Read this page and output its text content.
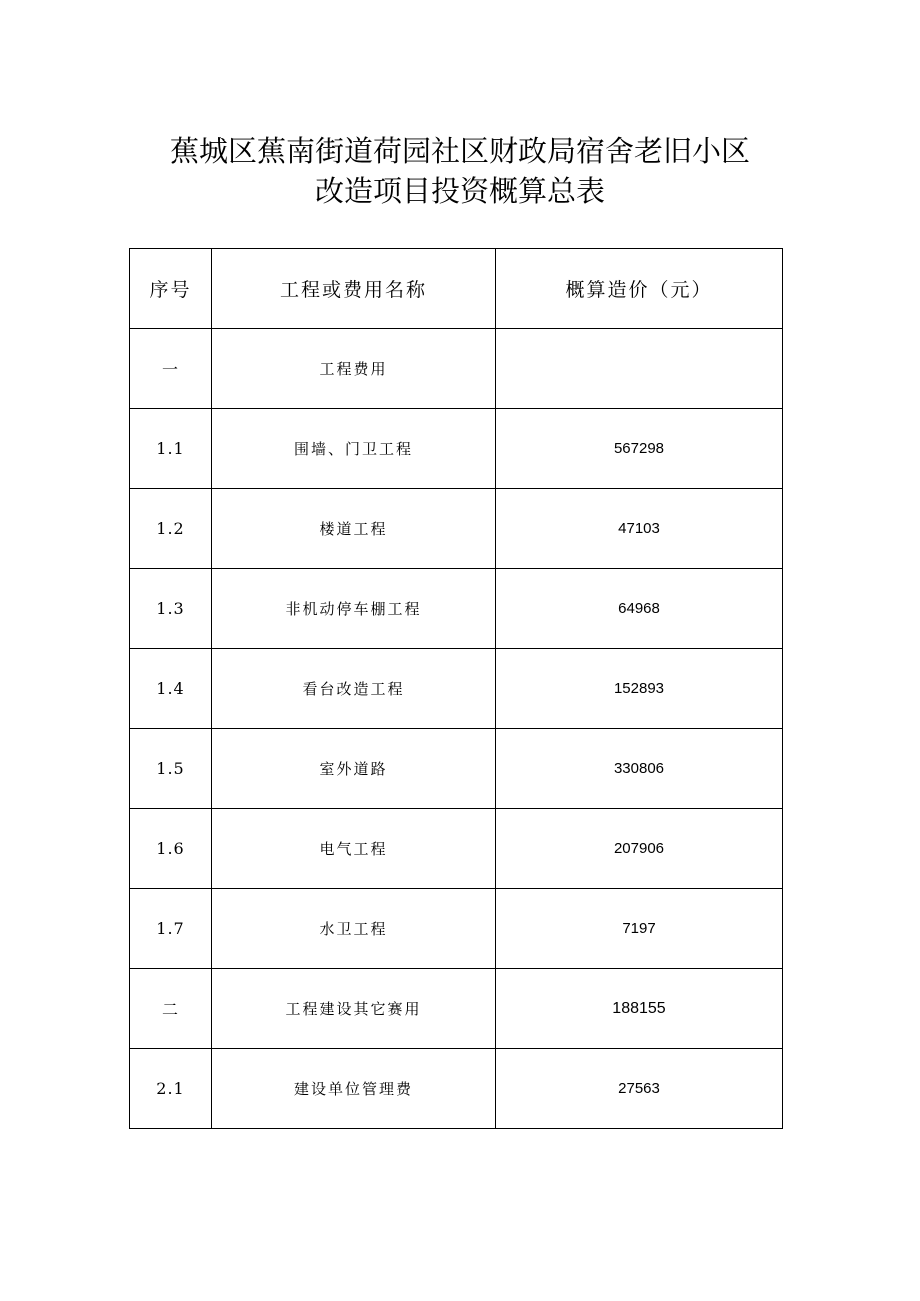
蕉城区蕉南街道荷园社区财政局宿舍老旧小区
改造项目投资概算总表
序号	工程或费用名称	概算造价（元）
一	工程费用	
1.1	围墙、门卫工程	567298
1.2	楼道工程	47103
1.3	非机动停车棚工程	64968
1.4	看台改造工程	152893
1.5	室外道路	330806
1.6	电气工程	207906
1.7	水卫工程	7197
二	工程建设其它赛用	188155
2.1	建设单位管理费	27563
